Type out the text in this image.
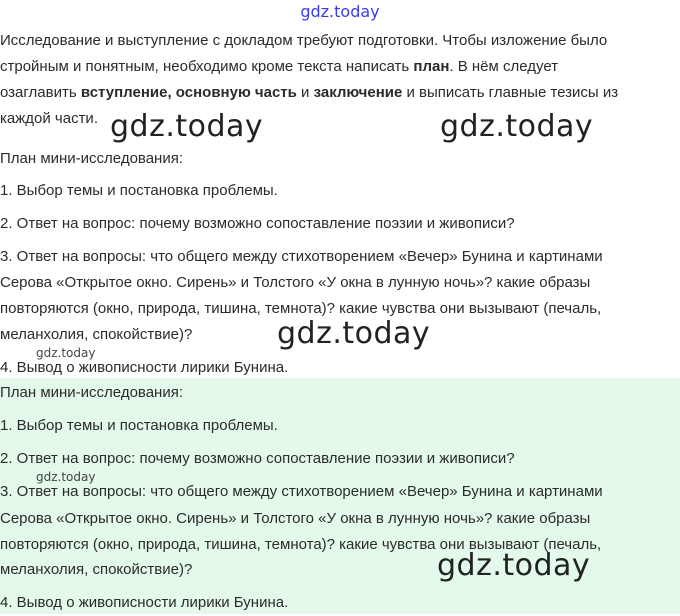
gdz.today

Исследование и выступление с докладом требуют подготовки. Чтобы изложение было

стройным и понятным, необходимо кроме текста написать план. В нём следует

озаглавить вступление, основную часть и заключение и выписать главные тезисы из

каждой части.

План мини-исследования:

1. Выбор темы и постановка проблемы.

2. Ответ на вопрос: почему возможно сопоставление поэзии и живописи?

3. Ответ на вопросы: что общего между стихотворением «Вечер» Бунина и картинами

Серова «Открытое окно. Сирень» и Толстого «У окна в лунную ночь»? какие образы

повторяются (окно, природа, тишина, темнота)? какие чувства они вызывают (печаль,

меланхолия, спокойствие)?

4. Вывод о живописности лирики Бунина.

План мини-исследования:

1. Выбор темы и постановка проблемы.

2. Ответ на вопрос: почему возможно сопоставление поэзии и живописи?

3. Ответ на вопросы: что общего между стихотворением «Вечер» Бунина и картинами

Серова «Открытое окно. Сирень» и Толстого «У окна в лунную ночь»? какие образы

повторяются (окно, природа, тишина, темнота)? какие чувства они вызывают (печаль,

меланхолия, спокойствие)?

4. Вывод о живописности лирики Бунина.

gdz.today	gdz.today
gdz.today
gdz.today
gdz.today
gdz.today
